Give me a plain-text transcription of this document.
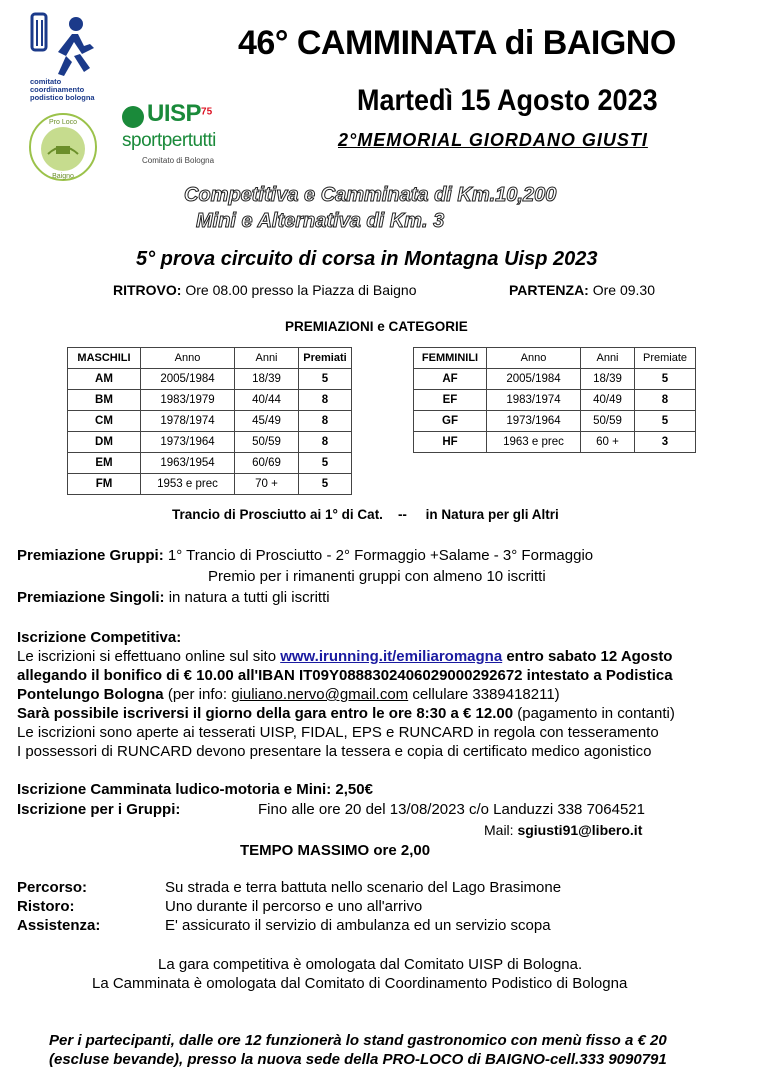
comitato
coordinamento
podistico bologna
Pro Loco
Baigno
UISP$^{75}$
sportpertutti
Comitato di Bologna
46° CAMMINATA di BAIGNO
Martedì 15 Agosto 2023
2°MEMORIAL GIORDANO GIUSTI
Competitiva e Camminata di Km.10,200
Mini e Alternativa di Km. 3
5° prova circuito di corsa in Montagna Uisp 2023
RITROVO: Ore 08.00 presso la Piazza di Baigno	PARTENZA: Ore 09.30
PREMIAZIONI e CATEGORIE
MASCHILI	Anno	Anni	Premiati
AM	2005/1984	18/39	5
BM	1983/1979	40/44	8
CM	1978/1974	45/49	8
DM	1973/1964	50/59	8
EM	1963/1954	60/69	5
FM	1953 e prec	70 +	5
FEMMINILI	Anno	Anni	Premiate
AF	2005/1984	18/39	5
EF	1983/1974	40/49	8
GF	1973/1964	50/59	5
HF	1963 e prec	60 +	3
Trancio di Prosciutto ai 1° di Cat.    --     in Natura per gli Altri
Premiazione Gruppi: 1° Trancio di Prosciutto - 2° Formaggio +Salame - 3° Formaggio
Premio per i rimanenti gruppi con almeno 10 iscritti
Premiazione Singoli: in natura a tutti gli iscritti
Iscrizione Competitiva:
Le iscrizioni si effettuano online sul sito www.irunning.it/emiliaromagna entro sabato 12 Agosto
allegando il bonifico di € 10.00 all'IBAN IT09Y0888302406029000292672 intestato a Podistica
Pontelungo Bologna (per info: giuliano.nervo@gmail.com cellulare 3389418211)
Sarà possibile iscriversi il giorno della gara entro le ore 8:30 a € 12.00 (pagamento in contanti)
Le iscrizioni sono aperte ai tesserati UISP, FIDAL, EPS e RUNCARD in regola con tesseramento
I possessori di RUNCARD devono presentare la tessera e copia di certificato medico agonistico
Iscrizione Camminata ludico-motoria e Mini: 2,50€
Iscrizione per i Gruppi:	Fino alle ore 20 del 13/08/2023 c/o Landuzzi 338 7064521
Mail: sgiusti91@libero.it
TEMPO MASSIMO ore 2,00
Percorso:	Su strada e terra battuta nello scenario del Lago Brasimone
Ristoro:	Uno durante il percorso e uno all'arrivo
Assistenza:	E' assicurato il servizio di ambulanza ed un servizio scopa
La gara competitiva è omologata dal Comitato UISP di Bologna.
La Camminata è omologata dal Comitato di Coordinamento Podistico di Bologna
Per i partecipanti, dalle ore 12 funzionerà lo stand gastronomico con menù fisso a € 20
(escluse bevande), presso la nuova sede della PRO-LOCO di BAIGNO-cell.333 9090791
